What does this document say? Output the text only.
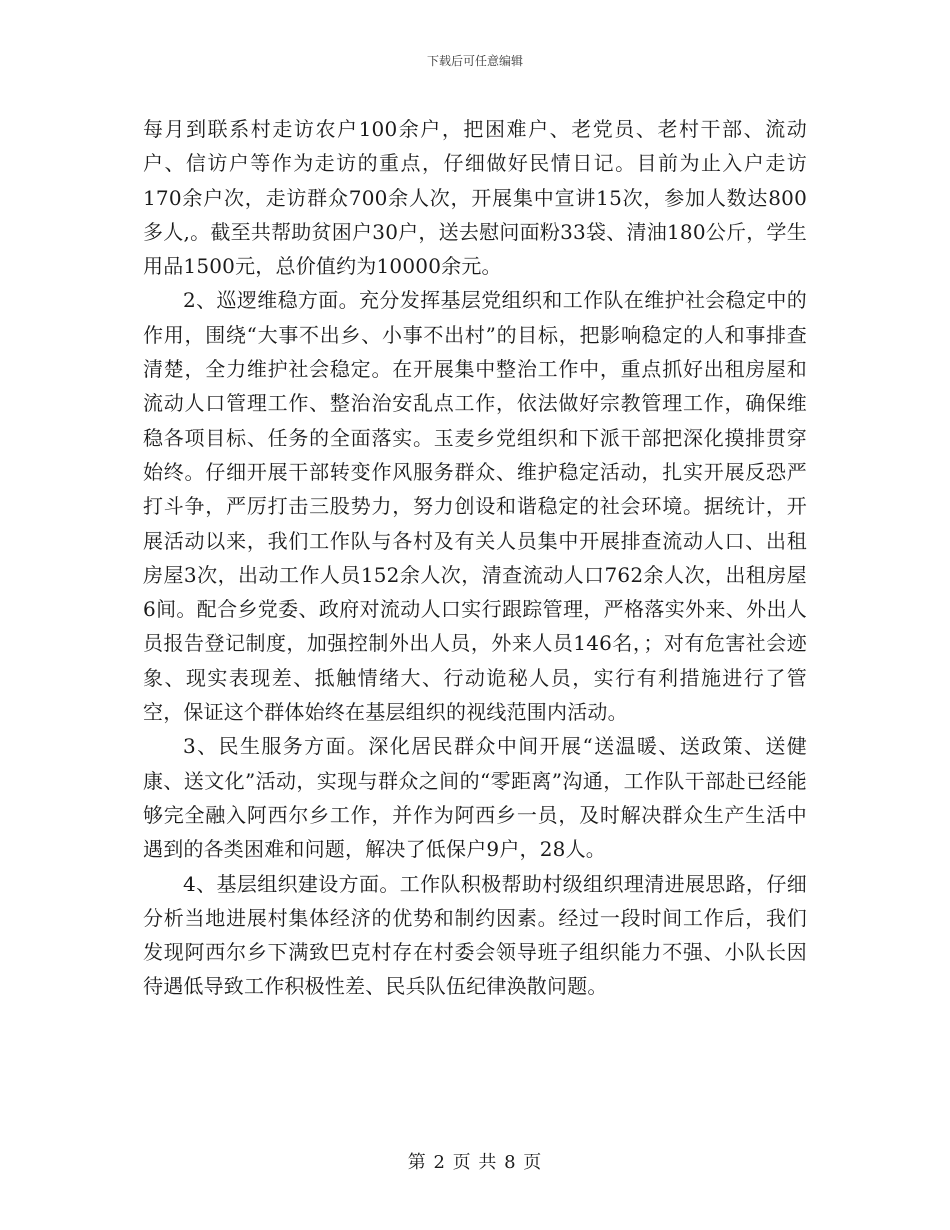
下载后可任意编辑

每月到联系村走访农户100余户，把困难户、老党员、老村干部、流动户、信访户等作为走访的重点，仔细做好民情日记。目前为止入户走访170余户次，走访群众700余人次，开展集中宣讲15次，参加人数达800多人,。截至共帮助贫困户30户，送去慰问面粉33袋、清油180公斤，学生用品1500元，总价值约为10000余元。

2、巡逻维稳方面。充分发挥基层党组织和工作队在维护社会稳定中的作用，围绕“大事不出乡、小事不出村”的目标，把影响稳定的人和事排查清楚，全力维护社会稳定。在开展集中整治工作中，重点抓好出租房屋和流动人口管理工作、整治治安乱点工作，依法做好宗教管理工作，确保维稳各项目标、任务的全面落实。玉麦乡党组织和下派干部把深化摸排贯穿始终。仔细开展干部转变作风服务群众、维护稳定活动，扎实开展反恐严打斗争，严厉打击三股势力，努力创设和谐稳定的社会环境。据统计，开展活动以来，我们工作队与各村及有关人员集中开展排查流动人口、出租房屋3次，出动工作人员152余人次，清查流动人口762余人次，出租房屋6间。配合乡党委、政府对流动人口实行跟踪管理，严格落实外来、外出人员报告登记制度，加强控制外出人员，外来人员146名，；对有危害社会迹象、现实表现差、抵触情绪大、行动诡秘人员，实行有利措施进行了管空，保证这个群体始终在基层组织的视线范围内活动。

3、民生服务方面。深化居民群众中间开展“送温暖、送政策、送健康、送文化”活动，实现与群众之间的“零距离”沟通，工作队干部赴已经能够完全融入阿西尔乡工作，并作为阿西乡一员，及时解决群众生产生活中遇到的各类困难和问题，解决了低保户9户，28人。

4、基层组织建设方面。工作队积极帮助村级组织理清进展思路，仔细分析当地进展村集体经济的优势和制约因素。经过一段时间工作后，我们发现阿西尔乡下满致巴克村存在村委会领导班子组织能力不强、小队长因待遇低导致工作积极性差、民兵队伍纪律涣散问题。

第 2 页 共 8 页
